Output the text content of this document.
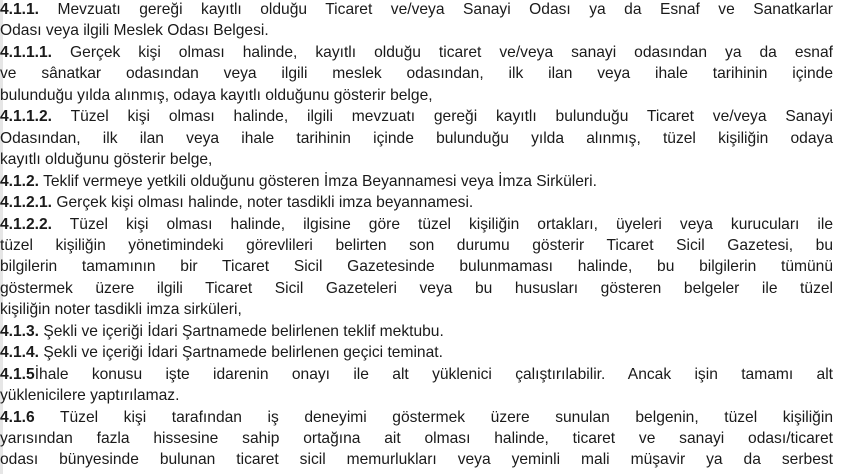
4.1.1. Mevzuatı gereği kayıtlı olduğu Ticaret ve/veya Sanayi Odası ya da Esnaf ve Sanatkarlar
Odası veya ilgili Meslek Odası Belgesi.
4.1.1.1. Gerçek kişi olması halinde, kayıtlı olduğu ticaret ve/veya sanayi odasından ya da esnaf
ve sânatkar odasından veya ilgili meslek odasından, ilk ilan veya ihale tarihinin içinde
bulunduğu yılda alınmış, odaya kayıtlı olduğunu gösterir belge,
4.1.1.2. Tüzel kişi olması halinde, ilgili mevzuatı gereği kayıtlı bulunduğu Ticaret ve/veya Sanayi
Odasından, ilk ilan veya ihale tarihinin içinde bulunduğu yılda alınmış, tüzel kişiliğin odaya
kayıtlı olduğunu gösterir belge,
4.1.2. Teklif vermeye yetkili olduğunu gösteren İmza Beyannamesi veya İmza Sirküleri.
4.1.2.1. Gerçek kişi olması halinde, noter tasdikli imza beyannamesi.
4.1.2.2. Tüzel kişi olması halinde, ilgisine göre tüzel kişiliğin ortakları, üyeleri veya kurucuları ile
tüzel kişiliğin yönetimindeki görevlileri belirten son durumu gösterir Ticaret Sicil Gazetesi, bu
bilgilerin tamamının bir Ticaret Sicil Gazetesinde bulunmaması halinde, bu bilgilerin tümünü
göstermek üzere ilgili Ticaret Sicil Gazeteleri veya bu hususları gösteren belgeler ile tüzel
kişiliğin noter tasdikli imza sirküleri,
4.1.3. Şekli ve içeriği İdari Şartnamede belirlenen teklif mektubu.
4.1.4. Şekli ve içeriği İdari Şartnamede belirlenen geçici teminat.
4.1.5İhale konusu işte idarenin onayı ile alt yüklenici çalıştırılabilir. Ancak işin tamamı alt
yüklenicilere yaptırılamaz.
4.1.6 Tüzel kişi tarafından iş deneyimi göstermek üzere sunulan belgenin, tüzel kişiliğin
yarısından fazla hissesine sahip ortağına ait olması halinde, ticaret ve sanayi odası/ticaret
odası bünyesinde bulunan ticaret sicil memurlukları veya yeminli mali müşavir ya da serbest
